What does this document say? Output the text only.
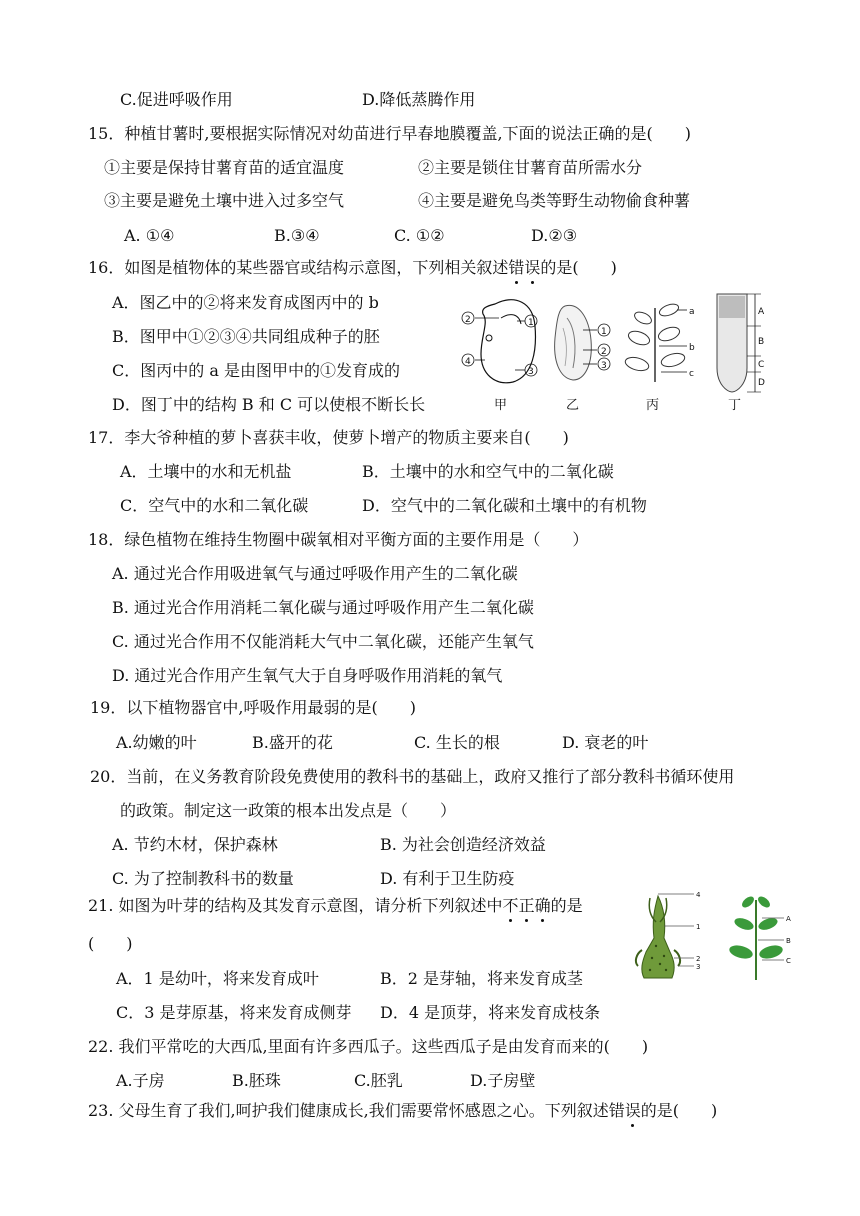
C.促进呼吸作用	D.降低蒸腾作用
15．种植甘薯时,要根据实际情况对幼苗进行早春地膜覆盖,下面的说法正确的是(　　)
①主要是保持甘薯育苗的适宜温度	②主要是锁住甘薯育苗所需水分
③主要是避免土壤中进入过多空气	④主要是避免鸟类等野生动物偷食种薯
A. ①④	B.③④	C. ①②	D.②③
16．如图是植物体的某些器官或结构示意图，下列相关叙述错误的是(　　)
A．图乙中的②将来发育成图丙中的 b
B．图甲中①②③④共同组成种子的胚
C．图丙中的 a 是由图甲中的①发育成的
D．图丁中的结构 B 和 C 可以使根不断长长
2	1
4
3
1
2
3
a
b
c
A
B
C
D
甲	乙	丙	丁
17．李大爷种植的萝卜喜获丰收，使萝卜增产的物质主要来自(　　)
A．土壤中的水和无机盐	B．土壤中的水和空气中的二氧化碳
C．空气中的水和二氧化碳	D．空气中的二氧化碳和土壤中的有机物
18．绿色植物在维持生物圈中碳氧相对平衡方面的主要作用是（　　）
A. 通过光合作用吸进氧气与通过呼吸作用产生的二氧化碳
B. 通过光合作用消耗二氧化碳与通过呼吸作用产生二氧化碳
C. 通过光合作用不仅能消耗大气中二氧化碳，还能产生氧气
D. 通过光合作用产生氧气大于自身呼吸作用消耗的氧气
19．以下植物器官中,呼吸作用最弱的是(　　)
A.幼嫩的叶	B.盛开的花	C. 生长的根	D. 衰老的叶
20．当前，在义务教育阶段免费使用的教科书的基础上，政府又推行了部分教科书循环使用
的政策。制定这一政策的根本出发点是（　　）
A. 节约木材，保护森林	B. 为社会创造经济效益
C. 为了控制教科书的数量	D. 有利于卫生防疫
21. 如图为叶芽的结构及其发育示意图，请分析下列叙述中不正确的是
(　　)
A．1 是幼叶，将来发育成叶	B．2 是芽轴，将来发育成茎
C．3 是芽原基，将来发育成侧芽 D．4 是顶芽，将来发育成枝条
4
1
2
3
A
B
C
22. 我们平常吃的大西瓜,里面有许多西瓜子。这些西瓜子是由发育而来的(　　)
A.子房	B.胚珠	C.胚乳	D.子房壁
23. 父母生育了我们,呵护我们健康成长,我们需要常怀感恩之心。下列叙述错误的是(　　)
